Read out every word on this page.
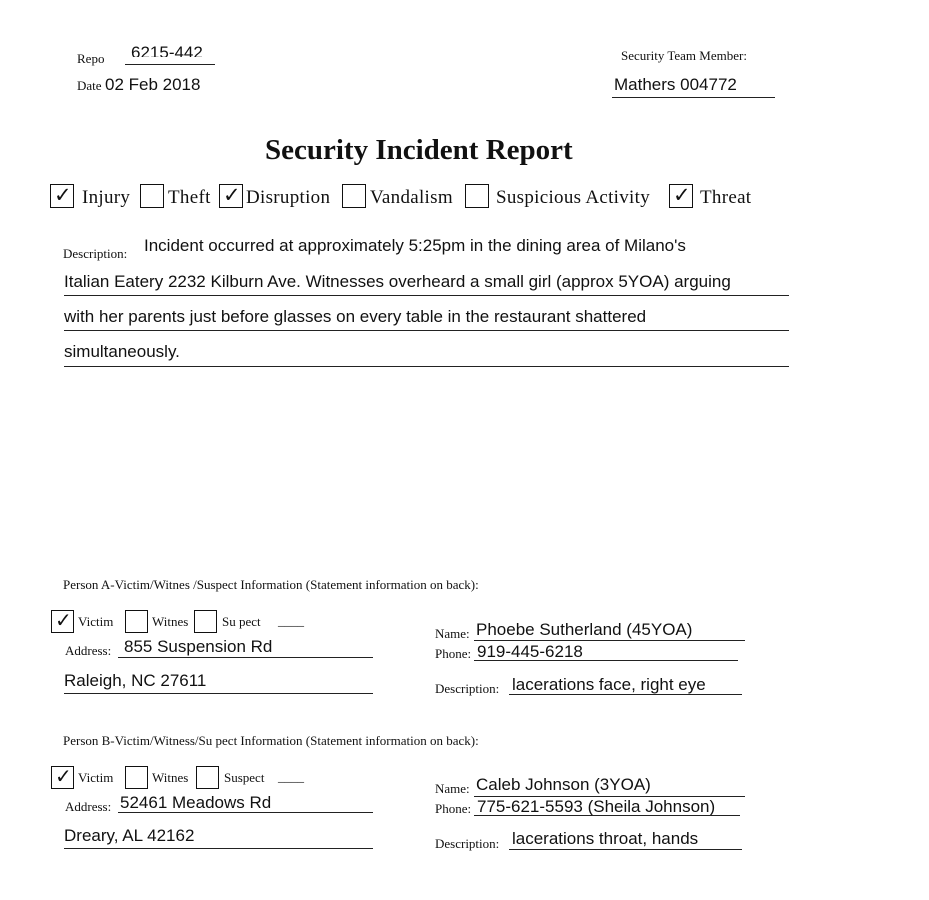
Repo 6215-442
Date 02 Feb 2018
Security Team Member:
Mathers 004772
Security Incident Report
✓ Injury Theft ✓ Disruption Vandalism Suspicious Activity ✓ Threat
Description: Incident occurred at approximately 5:25pm in the dining area of Milano's
Italian Eatery 2232 Kilburn Ave. Witnesses overheard a small girl (approx 5YOA) arguing
with her parents just before glasses on every table in the restaurant shattered
simultaneously.
Person A-Victim/Witnes /Suspect Information (Statement information on back):
✓ Victim	Witnes	Su pect ____
Address: 855 Suspension Rd
Raleigh, NC 27611
Name: Phoebe Sutherland (45YOA)
Phone: 919-445-6218
Description: lacerations face, right eye
Person B-Victim/Witness/Su pect Information (Statement information on back):
✓ Victim	Witnes	Suspect ____
Address: 52461 Meadows Rd
Dreary, AL 42162
Name: Caleb Johnson (3YOA)
Phone: 775-621-5593 (Sheila Johnson)
Description: lacerations throat, hands
